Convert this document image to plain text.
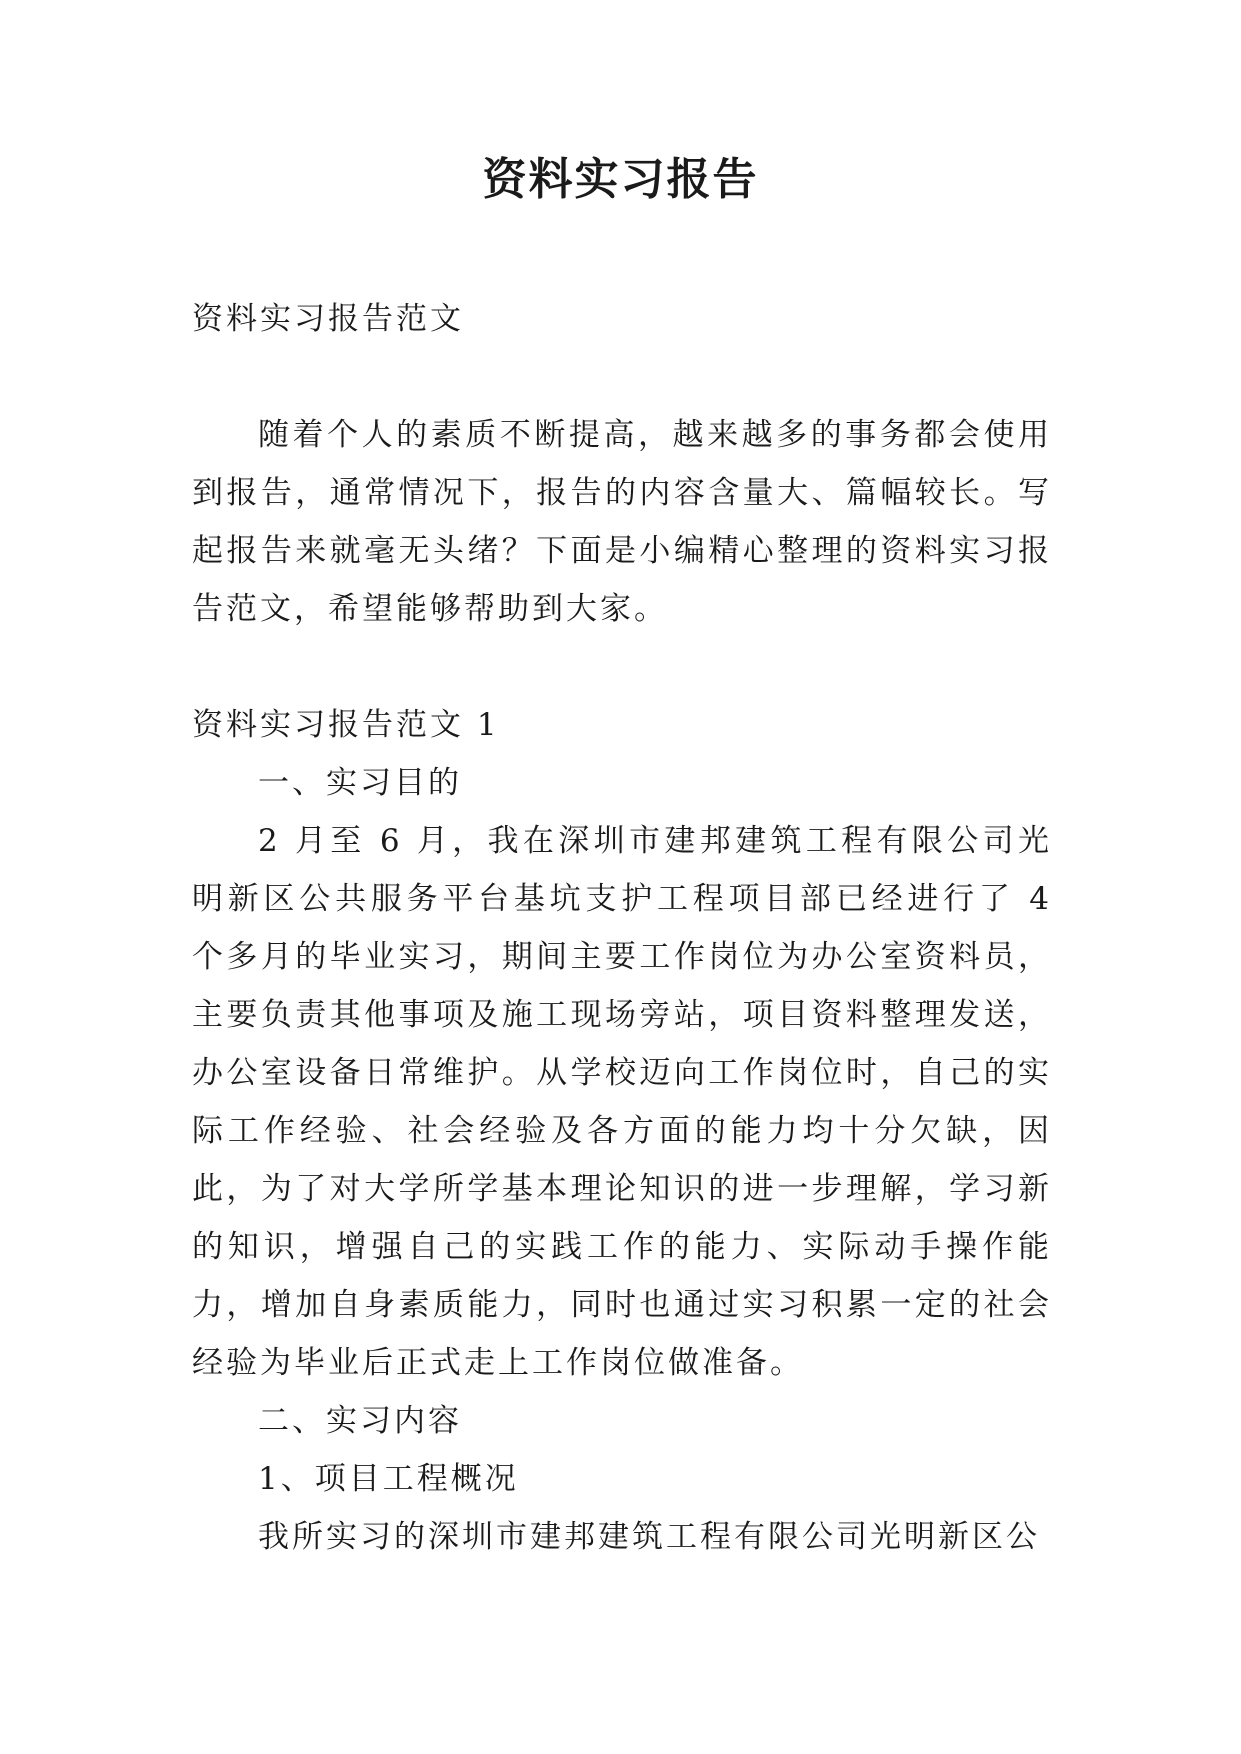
资料实习报告

资料实习报告范文

随着个人的素质不断提高，越来越多的事务都会使用到报告，通常情况下，报告的内容含量大、篇幅较长。写起报告来就毫无头绪？下面是小编精心整理的资料实习报告范文，希望能够帮助到大家。

资料实习报告范文 1

一、实习目的

2 月至 6 月，我在深圳市建邦建筑工程有限公司光明新区公共服务平台基坑支护工程项目部已经进行了 4 个多月的毕业实习，期间主要工作岗位为办公室资料员，主要负责其他事项及施工现场旁站，项目资料整理发送，办公室设备日常维护。从学校迈向工作岗位时，自己的实际工作经验、社会经验及各方面的能力均十分欠缺，因此，为了对大学所学基本理论知识的进一步理解，学习新的知识，增强自己的实践工作的能力、实际动手操作能力，增加自身素质能力，同时也通过实习积累一定的社会经验为毕业后正式走上工作岗位做准备。

二、实习内容

1、项目工程概况

我所实习的深圳市建邦建筑工程有限公司光明新区公
